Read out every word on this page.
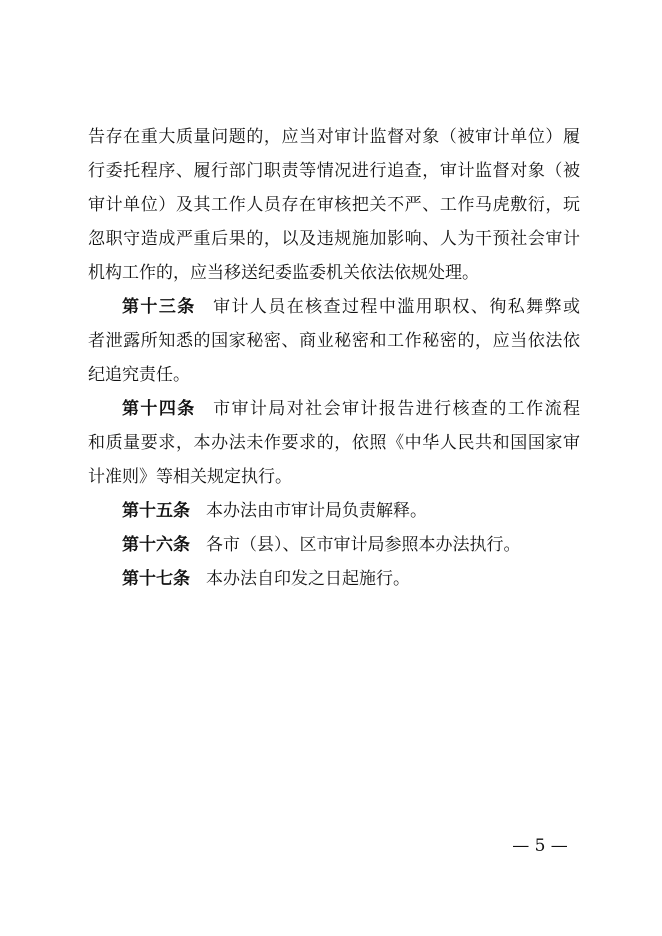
告存在重大质量问题的，应当对审计监督对象（被审计单位）履
行委托程序、履行部门职责等情况进行追查，审计监督对象（被
审计单位）及其工作人员存在审核把关不严、工作马虎敷衍，玩
忽职守造成严重后果的，以及违规施加影响、人为干预社会审计
机构工作的，应当移送纪委监委机关依法依规处理。
第十三条 审计人员在核查过程中滥用职权、徇私舞弊或
者泄露所知悉的国家秘密、商业秘密和工作秘密的，应当依法依
纪追究责任。
第十四条 市审计局对社会审计报告进行核查的工作流程
和质量要求，本办法未作要求的，依照《中华人民共和国国家审
计准则》等相关规定执行。
第十五条 本办法由市审计局负责解释。
第十六条 各市（县）、区市审计局参照本办法执行。
第十七条 本办法自印发之日起施行。
— 5 —
